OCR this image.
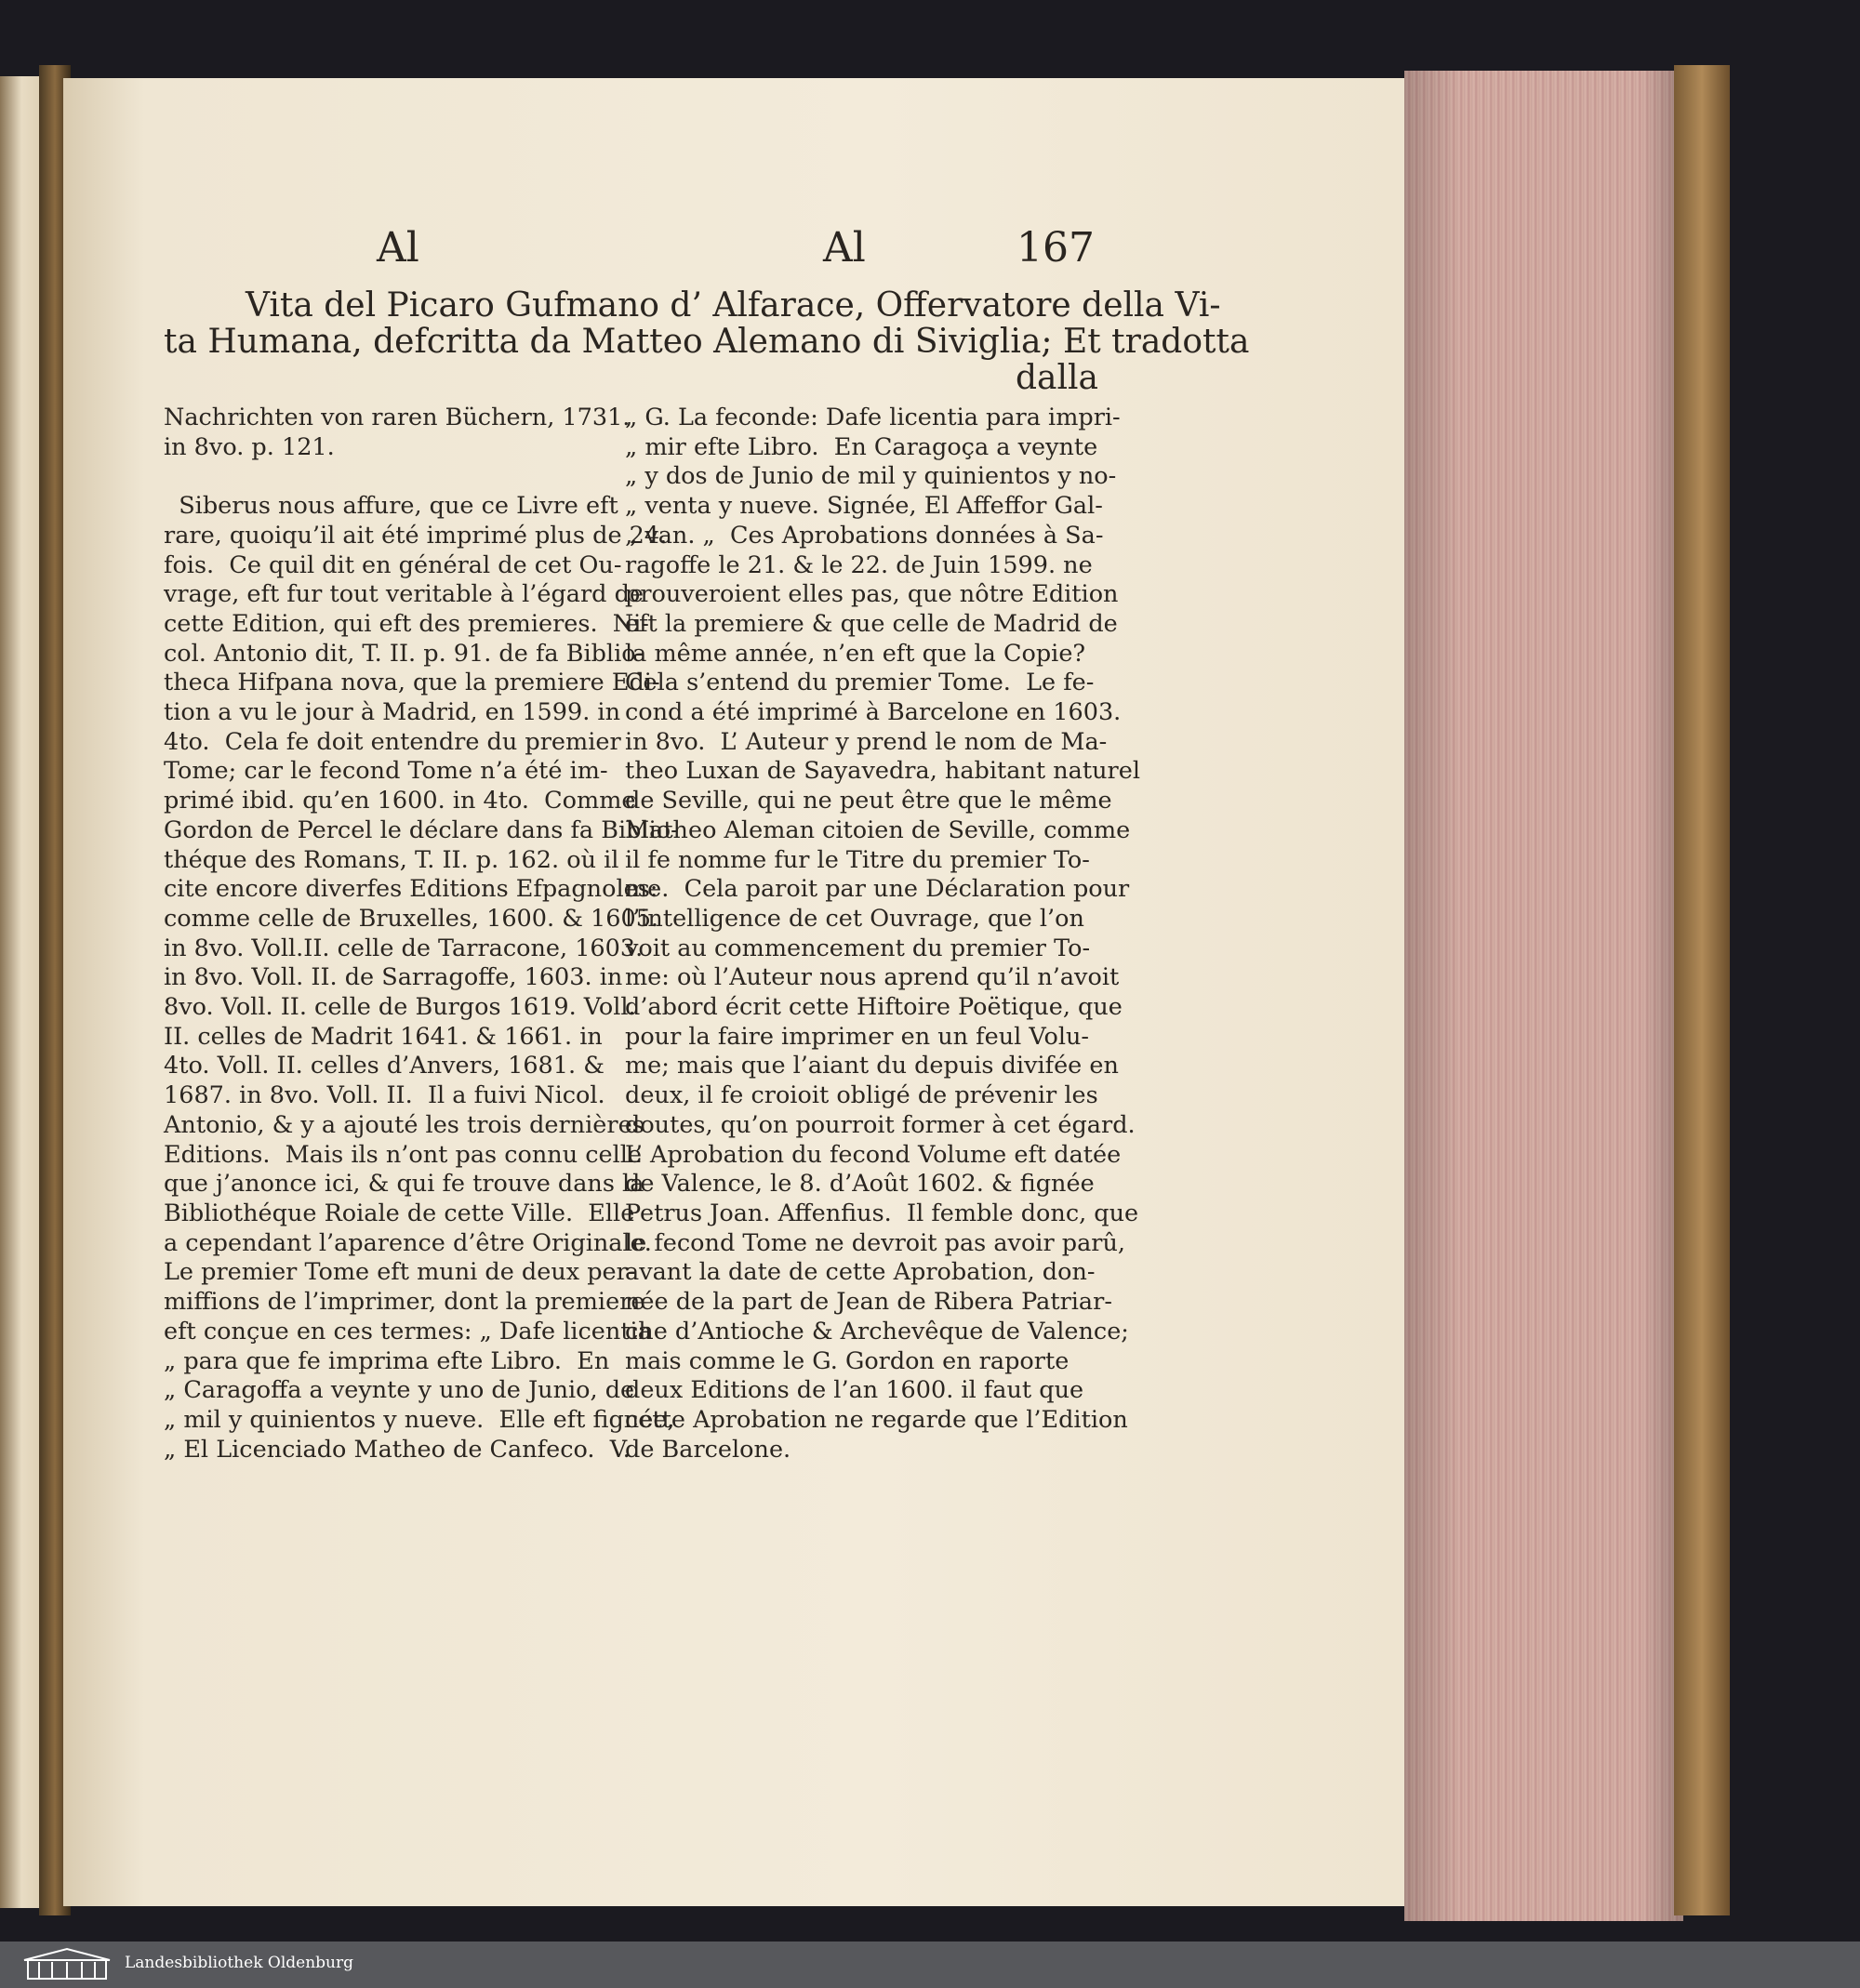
Al	Al	167
Vita del Picaro Gufmano d’ Alfarace, Offervatore della Vi-
ta Humana, defcritta da Matteo Alemano di Siviglia; Et tradotta
dalla
Nachrichten von raren Büchern, 1731.
in 8vo. p. 121.

Siberus nous affure, que ce Livre eft
rare, quoiqu’il ait été imprimé plus de 24.
fois.  Ce quil dit en général de cet Ou-
vrage, eft fur tout veritable à l’égard de
cette Edition, qui eft des premieres.  Ni-
col. Antonio dit, T. II. p. 91. de fa Biblio-
theca Hifpana nova, que la premiere Edi-
tion a vu le jour à Madrid, en 1599. in
4to.  Cela fe doit entendre du premier
Tome; car le fecond Tome n’a été im-
primé ibid. qu’en 1600. in 4to.  Comme
Gordon de Percel le déclare dans fa Biblio-
théque des Romans, T. II. p. 162. où il
cite encore diverfes Editions Efpagnoles:
comme celle de Bruxelles, 1600. & 1605.
in 8vo. Voll.II. celle de Tarracone, 1603.
in 8vo. Voll. II. de Sarragoffe, 1603. in
8vo. Voll. II. celle de Burgos 1619. Voll.
II. celles de Madrit 1641. & 1661. in
4to. Voll. II. celles d’Anvers, 1681. &
1687. in 8vo. Voll. II.  Il a fuivi Nicol.
Antonio, & y a ajouté les trois dernières
Editions.  Mais ils n’ont pas connu celle
que j’anonce ici, & qui fe trouve dans la
Bibliothéque Roiale de cette Ville.  Elle
a cependant l’aparence d’être Originale.
Le premier Tome eft muni de deux per-
miffions de l’imprimer, dont la premiere
eft conçue en ces termes: „ Dafe licentia
„ para que fe imprima efte Libro.  En
„ Caragoffa a veynte y uno de Junio, de
„ mil y quinientos y nueve.  Elle eft fignée,
„ El Licenciado Matheo de Canfeco.  V.
„ G. La feconde: Dafe licentia para impri-
„ mir efte Libro.  En Caragoça a veynte
„ y dos de Junio de mil y quinientos y no-
„ venta y nueve. Signée, El Affeffor Gal-
„ van. „  Ces Aprobations données à Sa-
ragoffe le 21. & le 22. de Juin 1599. ne
prouveroient elles pas, que nôtre Edition
eft la premiere & que celle de Madrid de
la même année, n’en eft que la Copie?
Cela s’entend du premier Tome.  Le fe-
cond a été imprimé à Barcelone en 1603.
in 8vo.  L’ Auteur y prend le nom de Ma-
theo Luxan de Sayavedra, habitant naturel
de Seville, qui ne peut être que le même
Matheo Aleman citoien de Seville, comme
il fe nomme fur le Titre du premier To-
me.  Cela paroit par une Déclaration pour
l’intelligence de cet Ouvrage, que l’on
voit au commencement du premier To-
me: où l’Auteur nous aprend qu’il n’avoit
d’abord écrit cette Hiftoire Poëtique, que
pour la faire imprimer en un feul Volu-
me; mais que l’aiant du depuis divifée en
deux, il fe croioit obligé de prévenir les
doutes, qu’on pourroit former à cet égard.
L’ Aprobation du fecond Volume eft datée
de Valence, le 8. d’Août 1602. & fignée
Petrus Joan. Affenfius.  Il femble donc, que
le fecond Tome ne devroit pas avoir parû,
avant la date de cette Aprobation, don-
née de la part de Jean de Ribera Patriar-
che d’Antioche & Archevêque de Valence;
mais comme le G. Gordon en raporte
deux Editions de l’an 1600. il faut que
cette Aprobation ne regarde que l’Edition
de Barcelone.
Landesbibliothek Oldenburg
